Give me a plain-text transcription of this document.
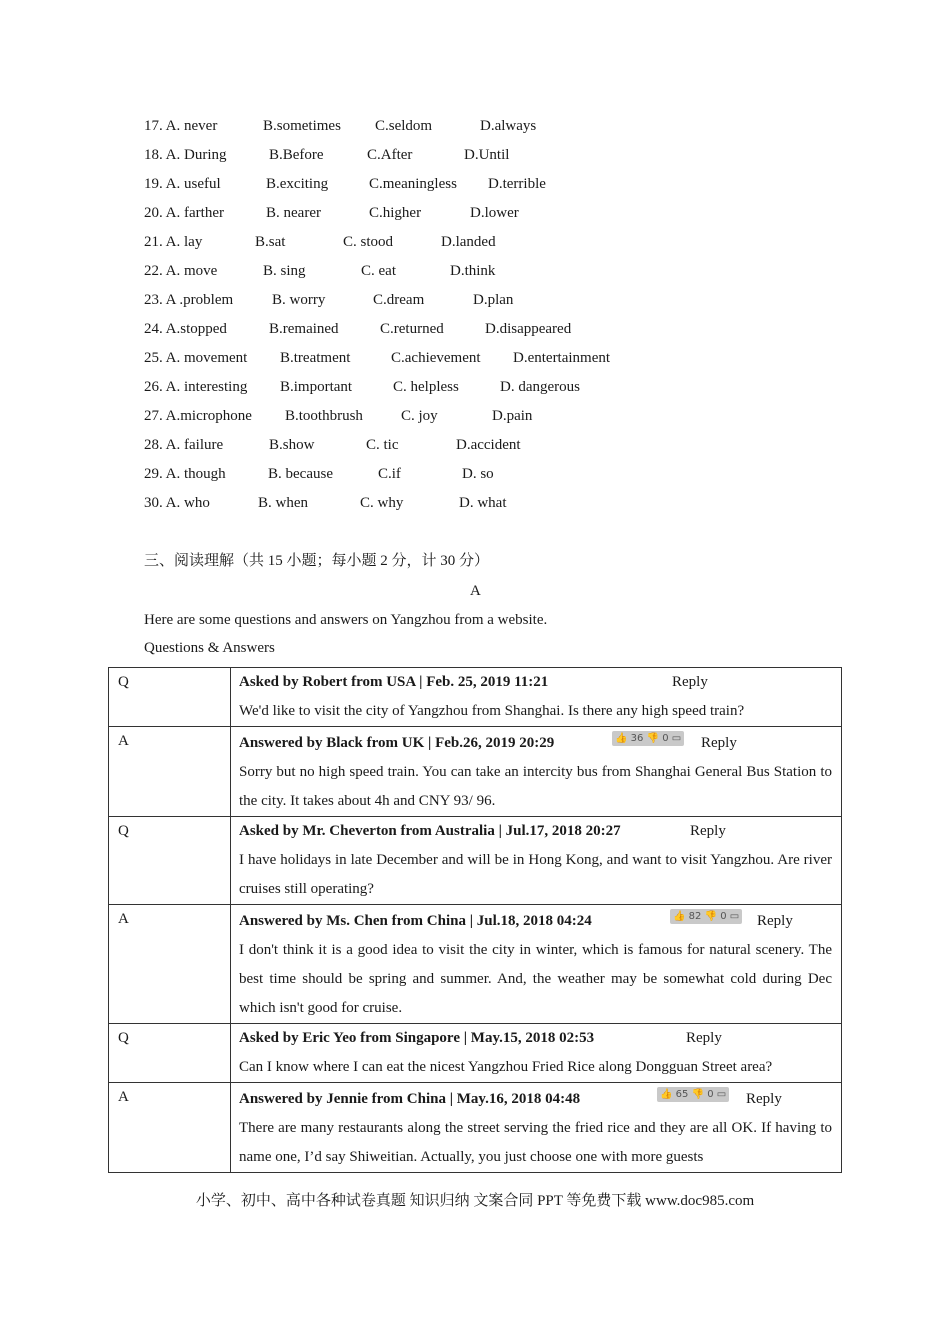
17. A. never	B.sometimes C.seldom	D.always
18. A. During	B.Before	C.After	D.Until
19. A. useful	B.exciting	C.meaningless D.terrible
20. A. farther	B. nearer	C.higher	D.lower
21. A. lay	B.sat	C. stood	D.landed
22. A. move	B. sing	C. eat	D.think
23. A .problem	B. worry	C.dream	D.plan
24. A.stopped	B.remained	C.returned	D.disappeared
25. A. movement B.treatment	C.achievement D.entertainment
26. A. interesting B.important	C. helpless	D. dangerous
27. A.microphone B.toothbrush	C. joy	D.pain
28. A. failure	B.show	C. tic	D.accident
29. A. though	B. because	C.if	D. so
30. A. who	B. when	C. why	D. what
三、阅读理解（共 15 小题；每小题 2 分，计 30 分）
A
Here are some questions and answers on Yangzhou from a website.
Questions & Answers
Q	Asked by Robert from USA | Feb. 25, 2019 11:21 Reply
We'd like to visit the city of Yangzhou from Shanghai. Is there any high speed train?

A	Answered by Black from UK | Feb.26, 2019 20:29 👍 36 👎 0 ▭ Reply
Sorry but no high speed train. You can take an intercity bus from Shanghai General Bus Station to the city. It takes about 4h and CNY 93/ 96.

Q	Asked by Mr. Cheverton from Australia | Jul.17, 2018 20:27 Reply
I have holidays in late December and will be in Hong Kong, and want to visit Yangzhou. Are river cruises still operating?

A	Answered by Ms. Chen from China | Jul.18, 2018 04:24 👍 82 👎 0 ▭ Reply
I don't think it is a good idea to visit the city in winter, which is famous for natural scenery. The best time should be spring and summer. And, the weather may be somewhat cold during Dec which isn't good for cruise.

Q	Asked by Eric Yeo from Singapore | May.15, 2018 02:53 Reply
Can I know where I can eat the nicest Yangzhou Fried Rice along Dongguan Street area?

A	Answered by Jennie from China | May.16, 2018 04:48 👍 65 👎 0 ▭ Reply
There are many restaurants along the street serving the fried rice and they are all OK. If having to name one, I’d say Shiweitian. Actually, you just choose one with more guests
小学、初中、高中各种试卷真题 知识归纳 文案合同 PPT 等免费下载 www.doc985.com
